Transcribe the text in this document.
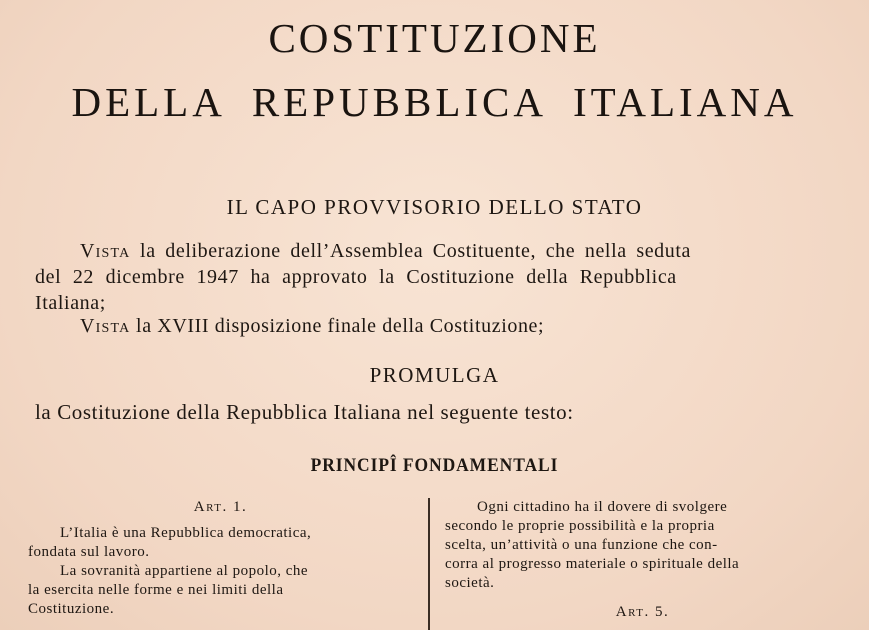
COSTITUZIONE
DELLA REPUBBLICA ITALIANA
IL CAPO PROVVISORIO DELLO STATO
Vista la deliberazione dell’Assemblea Costituente, che nella seduta
del 22 dicembre 1947 ha approvato la Costituzione della Repubblica
Italiana;
Vista la XVIII disposizione finale della Costituzione;
PROMULGA
la Costituzione della Repubblica Italiana nel seguente testo:
PRINCIPÎ FONDAMENTALI
Art. 1.
L’Italia è una Repubblica democratica,
fondata sul lavoro.
La sovranità appartiene al popolo, che
la esercita nelle forme e nei limiti della
Costituzione.
Ogni cittadino ha il dovere di svolgere
secondo le proprie possibilità e la propria
scelta, un’attività o una funzione che con-
corra al progresso materiale o spirituale della
società.
Art. 5.
